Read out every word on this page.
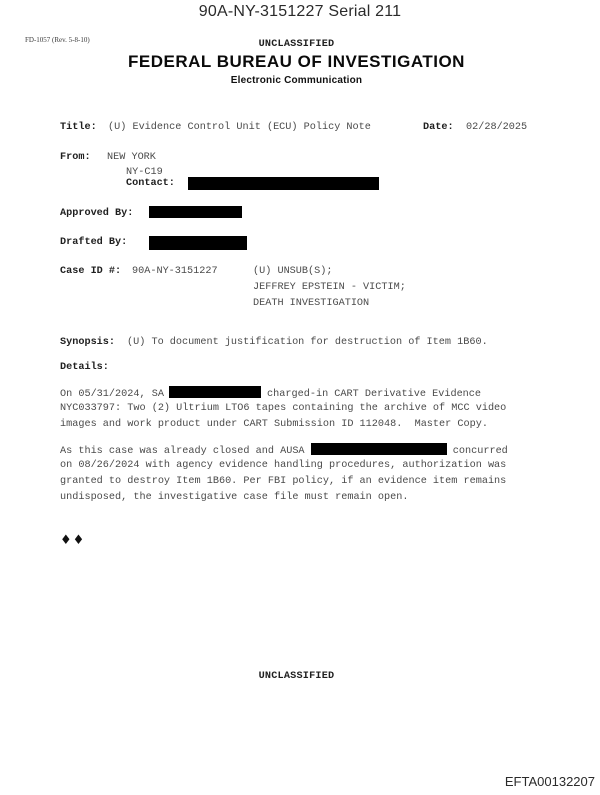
90A-NY-3151227 Serial 211
FD-1057 (Rev. 5-8-10)	UNCLASSIFIED
FEDERAL BUREAU OF INVESTIGATION
Electronic Communication
Title: (U) Evidence Control Unit (ECU) Policy Note	Date: 02/28/2025
From: NEW YORK
NY-C19
Contact:
Approved By:
Drafted By:
Case ID #: 90A-NY-3151227	(U) UNSUB(S);
JEFFREY EPSTEIN - VICTIM;
DEATH INVESTIGATION
Synopsis: (U) To document justification for destruction of Item 1B60.
Details:
On 05/31/2024, SA	charged-in CART Derivative Evidence
NYC033797: Two (2) Ultrium LTO6 tapes containing the archive of MCC video
images and work product under CART Submission ID 112048.  Master Copy.
As this case was already closed and AUSA	concurred
on 08/26/2024 with agency evidence handling procedures, authorization was
granted to destroy Item 1B60. Per FBI policy, if an evidence item remains
undisposed, the investigative case file must remain open.
♦♦
UNCLASSIFIED
EFTA00132207
